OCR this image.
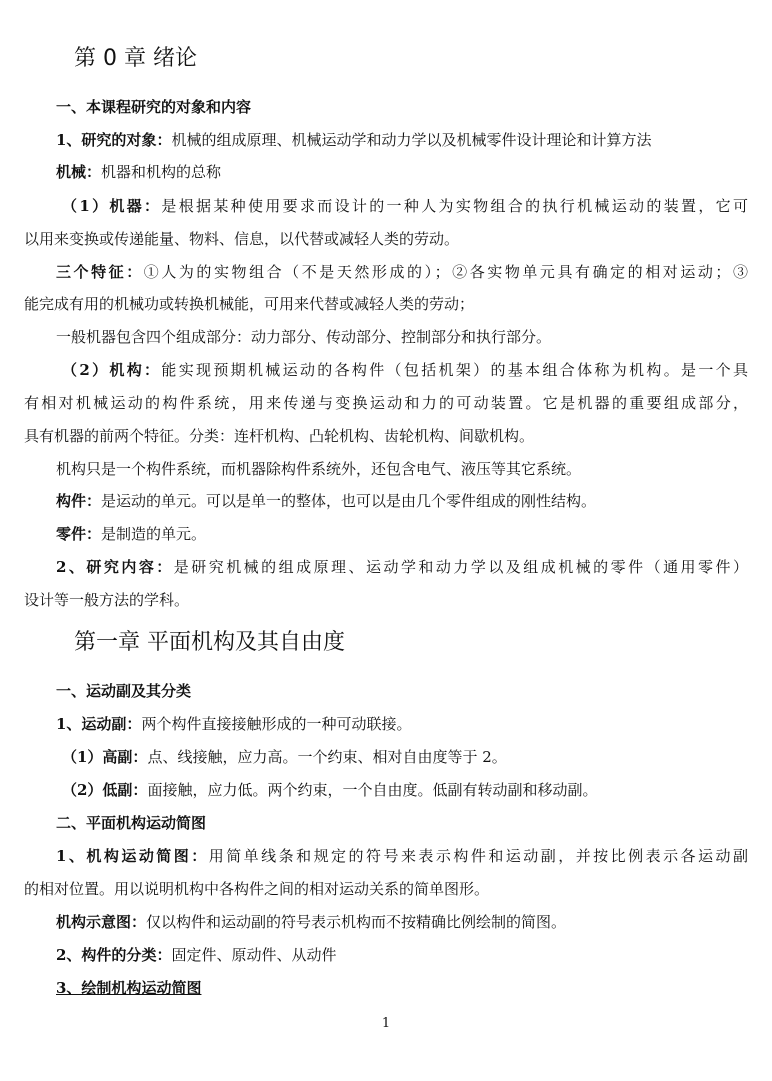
第 0 章 绪论
一、本课程研究的对象和内容
1、研究的对象：机械的组成原理、机械运动学和动力学以及机械零件设计理论和计算方法
机械：机器和机构的总称
（1）机器：是根据某种使用要求而设计的一种人为实物组合的执行机械运动的装置，它可
以用来变换或传递能量、物料、信息，以代替或减轻人类的劳动。
三个特征：①人为的实物组合（不是天然形成的）；②各实物单元具有确定的相对运动；③
能完成有用的机械功或转换机械能，可用来代替或减轻人类的劳动；
一般机器包含四个组成部分：动力部分、传动部分、控制部分和执行部分。
（2）机构：能实现预期机械运动的各构件（包括机架）的基本组合体称为机构。是一个具
有相对机械运动的构件系统，用来传递与变换运动和力的可动装置。它是机器的重要组成部分，
具有机器的前两个特征。分类：连杆机构、凸轮机构、齿轮机构、间歇机构。
机构只是一个构件系统，而机器除构件系统外，还包含电气、液压等其它系统。
构件：是运动的单元。可以是单一的整体，也可以是由几个零件组成的刚性结构。
零件：是制造的单元。
2、研究内容：是研究机械的组成原理、运动学和动力学以及组成机械的零件（通用零件）
设计等一般方法的学科。
第一章 平面机构及其自由度
一、运动副及其分类
1、运动副：两个构件直接接触形成的一种可动联接。
（1）高副：点、线接触，应力高。一个约束、相对自由度等于 2。
（2）低副：面接触，应力低。两个约束，一个自由度。低副有转动副和移动副。
二、平面机构运动简图
1、机构运动简图：用简单线条和规定的符号来表示构件和运动副，并按比例表示各运动副
的相对位置。用以说明机构中各构件之间的相对运动关系的简单图形。
机构示意图：仅以构件和运动副的符号表示机构而不按精确比例绘制的简图。
2、构件的分类：固定件、原动件、从动件
3、绘制机构运动简图
1
